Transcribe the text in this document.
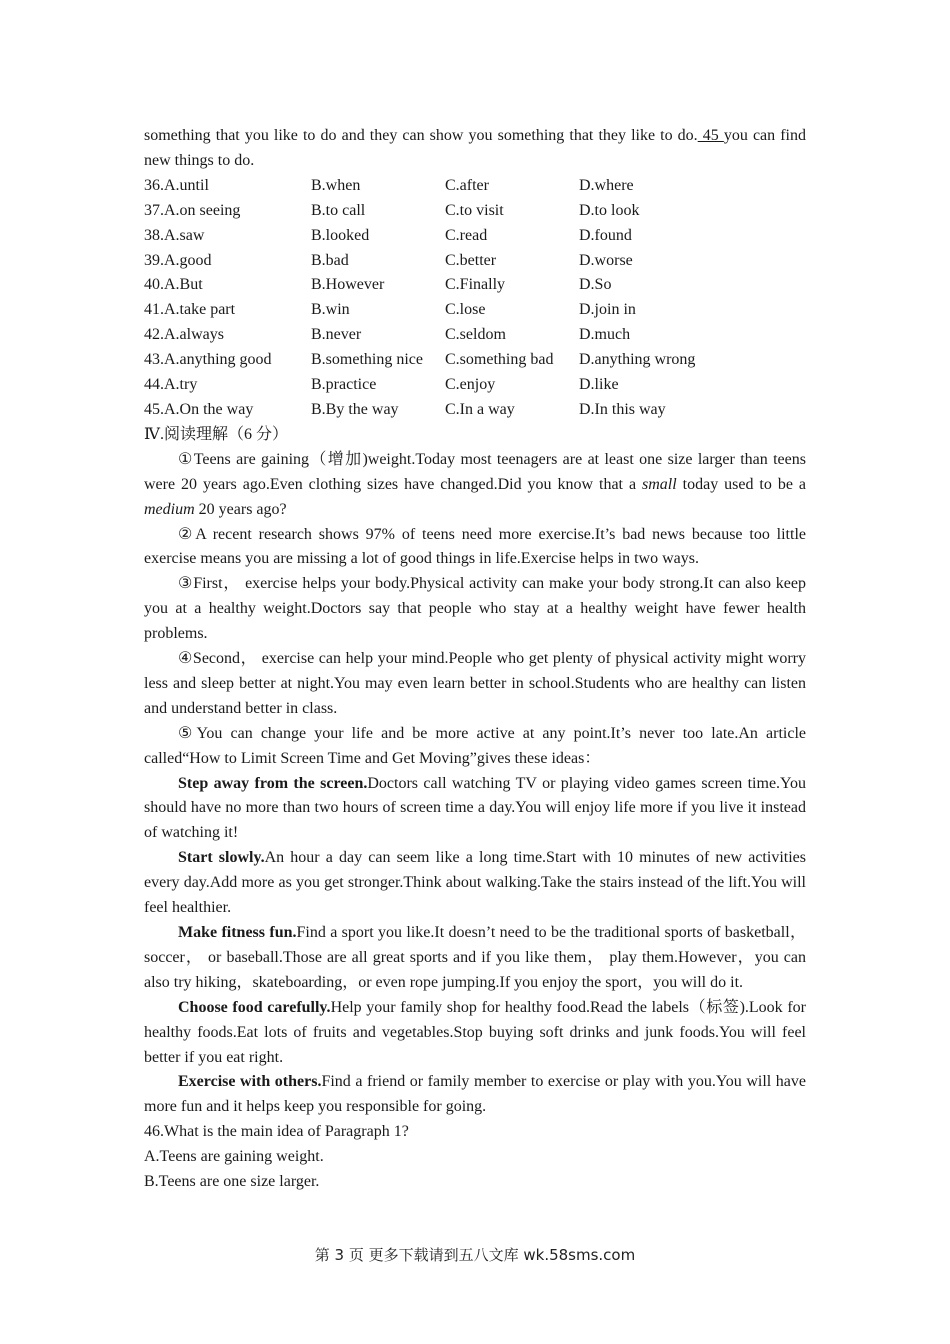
something that you like to do and they can show you something that they like to do. 45 you can find new things to do.

36.A.until	B.when	C.after	D.where
37.A.on seeing	B.to call	C.to visit	D.to look
38.A.saw	B.looked	C.read	D.found
39.A.good	B.bad	C.better	D.worse
40.A.But	B.However	C.Finally	D.So
41.A.take part	B.win	C.lose	D.join in
42.A.always	B.never	C.seldom	D.much
43.A.anything good	B.something nice	C.something bad	D.anything wrong
44.A.try	B.practice	C.enjoy	D.like
45.A.On the way	B.By the way	C.In a way	D.In this way

Ⅳ.阅读理解（6 分）

①Teens are gaining（增加)weight.Today most teenagers are at least one size larger than teens were 20 years ago.Even clothing sizes have changed.Did you know that a small today used to be a medium 20 years ago?

②A recent research shows 97% of teens need more exercise.It’s bad news because too little exercise means you are missing a lot of good things in life.Exercise helps in two ways.

③First， exercise helps your body.Physical activity can make your body strong.It can also keep you at a healthy weight.Doctors say that people who stay at a healthy weight have fewer health problems.

④Second， exercise can help your mind.People who get plenty of physical activity might worry less and sleep better at night.You may even learn better in school.Students who are healthy can listen and understand better in class.

⑤You can change your life and be more active at any point.It’s never too late.An article called“How to Limit Screen Time and Get Moving”gives these ideas：

Step away from the screen.Doctors call watching TV or playing video games screen time.You should have no more than two hours of screen time a day.You will enjoy life more if you live it instead of watching it!

Start slowly.An hour a day can seem like a long time.Start with 10 minutes of new activities every day.Add more as you get stronger.Think about walking.Take the stairs instead of the lift.You will feel healthier.

Make fitness fun.Find a sport you like.It doesn’t need to be the traditional sports of basketball， soccer， or baseball.Those are all great sports and if you like them， play them.However，you can also try hiking，skateboarding，or even rope jumping.If you enjoy the sport，you will do it.

Choose food carefully.Help your family shop for healthy food.Read the labels（标签).Look for healthy foods.Eat lots of fruits and vegetables.Stop buying soft drinks and junk foods.You will feel better if you eat right.

Exercise with others.Find a friend or family member to exercise or play with you.You will have more fun and it helps keep you responsible for going.

46.What is the main idea of Paragraph 1?

A.Teens are gaining weight.

B.Teens are one size larger.

第 3 页 更多下载请到五八文库 wk.58sms.com
